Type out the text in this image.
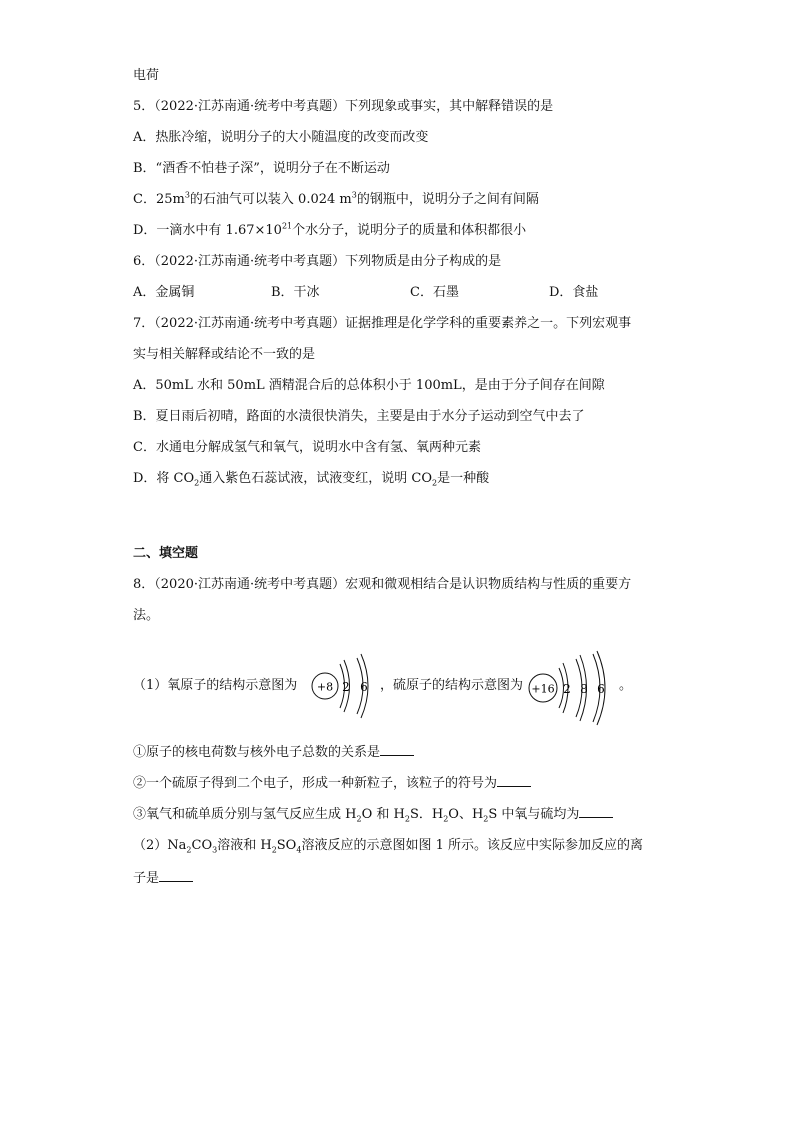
电荷
5．（2022·江苏南通·统考中考真题）下列现象或事实，其中解释错误的是
A．热胀冷缩，说明分子的大小随温度的改变而改变
B．“酒香不怕巷子深”，说明分子在不断运动
C．$25m^3$的石油气可以装入 0.024 $m^3$的钢瓶中，说明分子之间有间隔
D．一滴水中有 $1.67\times 10^{21}$个水分子，说明分子的质量和体积都很小
6．（2022·江苏南通·统考中考真题）下列物质是由分子构成的是
A．金属铜	B．干冰	C．石墨	D．食盐
7．（2022·江苏南通·统考中考真题）证据推理是化学学科的重要素养之一。下列宏观事
实与相关解释或结论不一致的是
A．50mL 水和 50mL 酒精混合后的总体积小于 100mL，是由于分子间存在间隙
B．夏日雨后初晴，路面的水渍很快消失，主要是由于水分子运动到空气中去了
C．水通电分解成氢气和氧气，说明水中含有氢、氧两种元素
D．将 $CO_2$通入紫色石蕊试液，试液变红，说明 $CO_2$是一种酸
二、填空题
8．（2020·江苏南通·统考中考真题）宏观和微观相结合是认识物质结构与性质的重要方
法。
（1）氧原子的结构示意图为 +8 2 6 ，硫原子的结构示意图为 +16 2 8 6 。
①原子的核电荷数与核外电子总数的关系是
②一个硫原子得到二个电子，形成一种新粒子，该粒子的符号为
③氧气和硫单质分别与氢气反应生成 $H_2O$ 和 $H_2S$．$H_2O$、$H_2S$ 中氧与硫均为
$(2)Na_2CO_3$溶液和 $H_2SO_4$溶液反应的示意图如图 1 所示。该反应中实际参加反应的离
子是
